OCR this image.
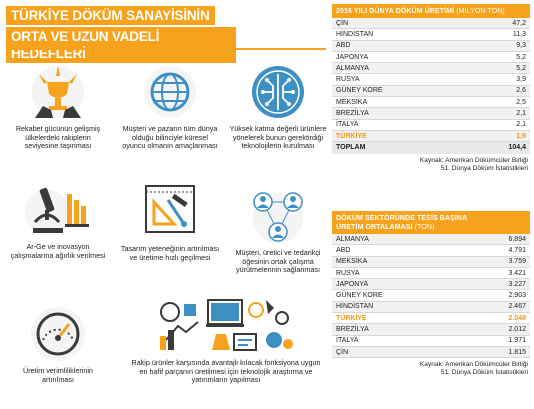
TÜRKİYE DÖKÜM SANAYİSİNİN
ORTA VE UZUN VADELİ HEDEFLERİ
Rekabet gücünün gelişmiş ülkelerdeki rakiplerin seviyesine taşınması
Müşteri ve pazarın tüm dünya olduğu bilinciyle küresel oyuncu olmanın amaçlanması
Yüksek katma değerli ürünlere yönelerek bunun gerektirdiği teknolojilerin kurulması
Ar-Ge ve inovasyon çalışmalarına ağırlık verilmesi
Tasarım yeteneğinin artırılması ve üretime hızlı geçilmesi
Müşteri, üretici ve tedarikçi öğesinin ortak çalışma yürütmelerinin sağlanması
Üretim verimliliklerinin artırılması
Rakip ürünler karşısında avantajlı kılacak fonksiyona uygun en hafif parçanın üretilmesi için teknolojik araştırma ve yatırımların yapılması
2016 YILI DÜNYA DÖKÜM ÜRETİMİ (MİLYON TON)
ÇİN	47,2
HİNDİSTAN	11,3
ABD	9,3
JAPONYA	5,2
ALMANYA	5,2
RUSYA	3,9
GÜNEY KORE	2,6
MEKSİKA	2,5
BREZİLYA	2,1
İTALYA	2,1
TÜRKİYE	1,9
TOPLAM	104,4
Kaynak: Amerikan Dökümcüler Birliği
51. Dünya Döküm İstatistikleri
DÖKÜM SEKTÖRÜNDE TESİS BAŞINA
ÜRETİM ORTALAMASI (TON)
ALMANYA	6.894
ABD	4.791
MEKSİKA	3.759
RUSYA	3.421
JAPONYA	3.227
GÜNEY KORE	2.903
HİNDİSTAN	2.467
TÜRKİYE	2.048
BREZİLYA	2.012
İTALYA	1.971
ÇİN	1.815
Kaynak: Amerikan Dökümcüler Birliği
51. Dünya Döküm İstatistikleri
